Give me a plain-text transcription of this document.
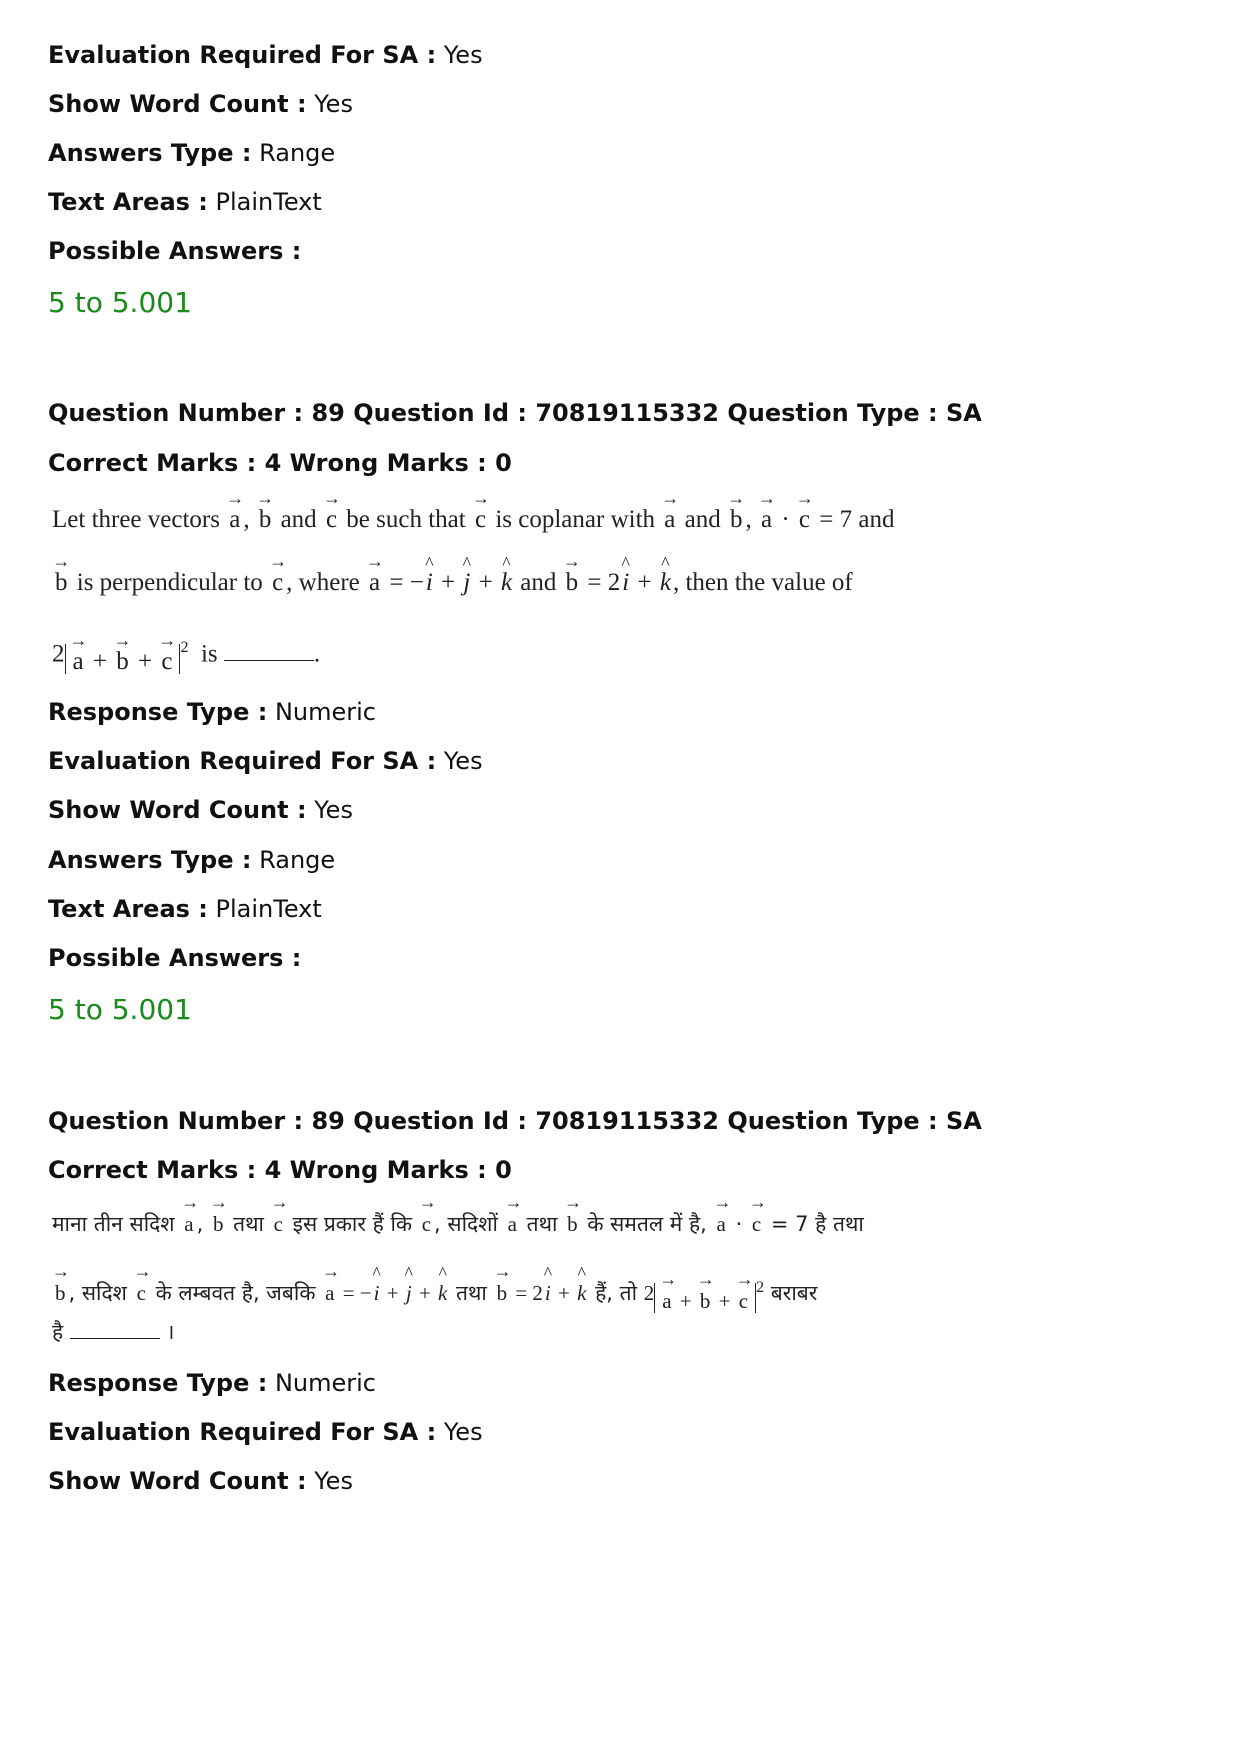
Evaluation Required For SA : Yes
Show Word Count : Yes
Answers Type : Range
Text Areas : PlainText
Possible Answers :
5 to 5.001
Question Number : 89 Question Id : 70819115332 Question Type : SA
Correct Marks : 4 Wrong Marks : 0
Let three vectors → a , → b and → c be such that → c is coplanar with → a and → b , → a · → c = 7 and
→ b is perpendicular to → c , where → a = −^ i + ^ j + ^ k and → b = 2^ i + ^ k, then the value of
2 → a + → b + → $c^2$ is	.
Response Type : Numeric
Evaluation Required For SA : Yes
Show Word Count : Yes
Answers Type : Range
Text Areas : PlainText
Possible Answers :
5 to 5.001
Question Number : 89 Question Id : 70819115332 Question Type : SA
Correct Marks : 4 Wrong Marks : 0
माना तीन सदिश → a , → b तथा → c इस प्रकार हैं कि → c , सदिशों → a तथा → b के समतल में है, → a · → c = 7 है तथा
→ b , सदिश → c के लम्बवत है, जबकि → a = −^ i + ^ j + ^ k तथा → b = 2^ i + ^ k हैं, तो 2 → a + → b + → $c^2$ बराबर
है	।
Response Type : Numeric
Evaluation Required For SA : Yes
Show Word Count : Yes
